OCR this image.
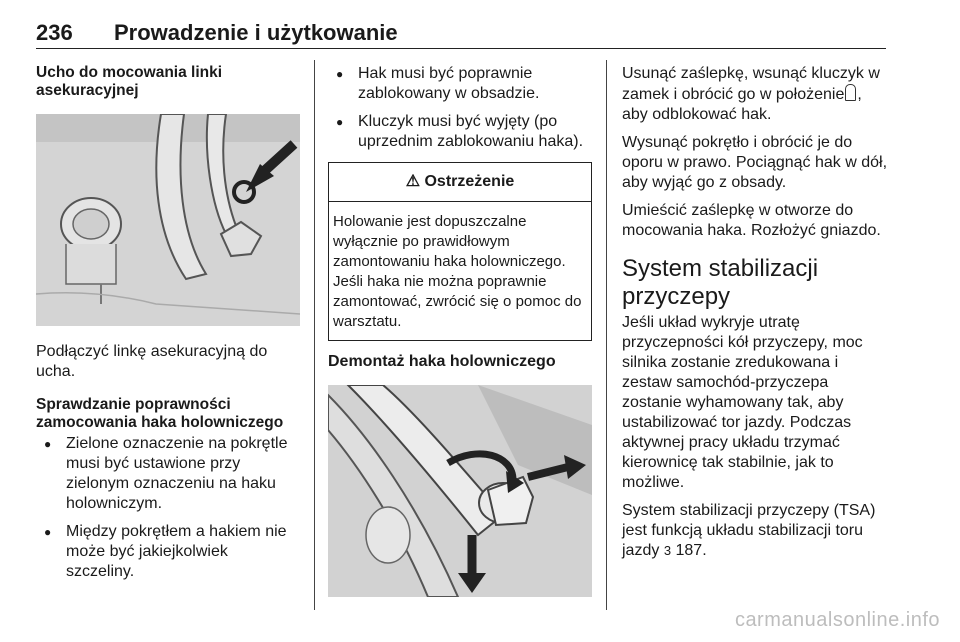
236 Prowadzenie i użytkowanie

Ucho do mocowania linki asekuracyjnej

Podłączyć linkę asekuracyjną do ucha.

Sprawdzanie poprawności zamocowania haka holowniczego

● Zielone oznaczenie na pokrętle musi być ustawione przy zielonym oznaczeniu na haku holowniczym.
● Między pokrętłem a hakiem nie może być jakiejkolwiek szczeliny.
● Hak musi być poprawnie zablokowany w obsadzie.
● Kluczyk musi być wyjęty (po uprzednim zablokowaniu haka).
⚠ Ostrzeżenie
Holowanie jest dopuszczalne wyłącznie po prawidłowym zamontowaniu haka holowniczego. Jeśli haka nie można poprawnie zamontować, zwrócić się o pomoc do warsztatu.

Demontaż haka holowniczego

Usunąć zaślepkę, wsunąć kluczyk w zamek i obrócić go w położenie , aby odblokować hak.

Wysunąć pokrętło i obrócić je do oporu w prawo. Pociągnąć hak w dół, aby wyjąć go z obsady.

Umieścić zaślepkę w otworze do mocowania haka. Rozłożyć gniazdo.

System stabilizacji przyczepy

Jeśli układ wykryje utratę przyczepności kół przyczepy, moc silnika zostanie zredukowana i zestaw samochód-przyczepa zostanie wyhamowany tak, aby ustabilizować tor jazdy. Podczas aktywnej pracy układu trzymać kierownicę tak stabilnie, jak to możliwe.

System stabilizacji przyczepy (TSA) jest funkcją układu stabilizacji toru jazdy 3 187.

carmanualsonline.info
